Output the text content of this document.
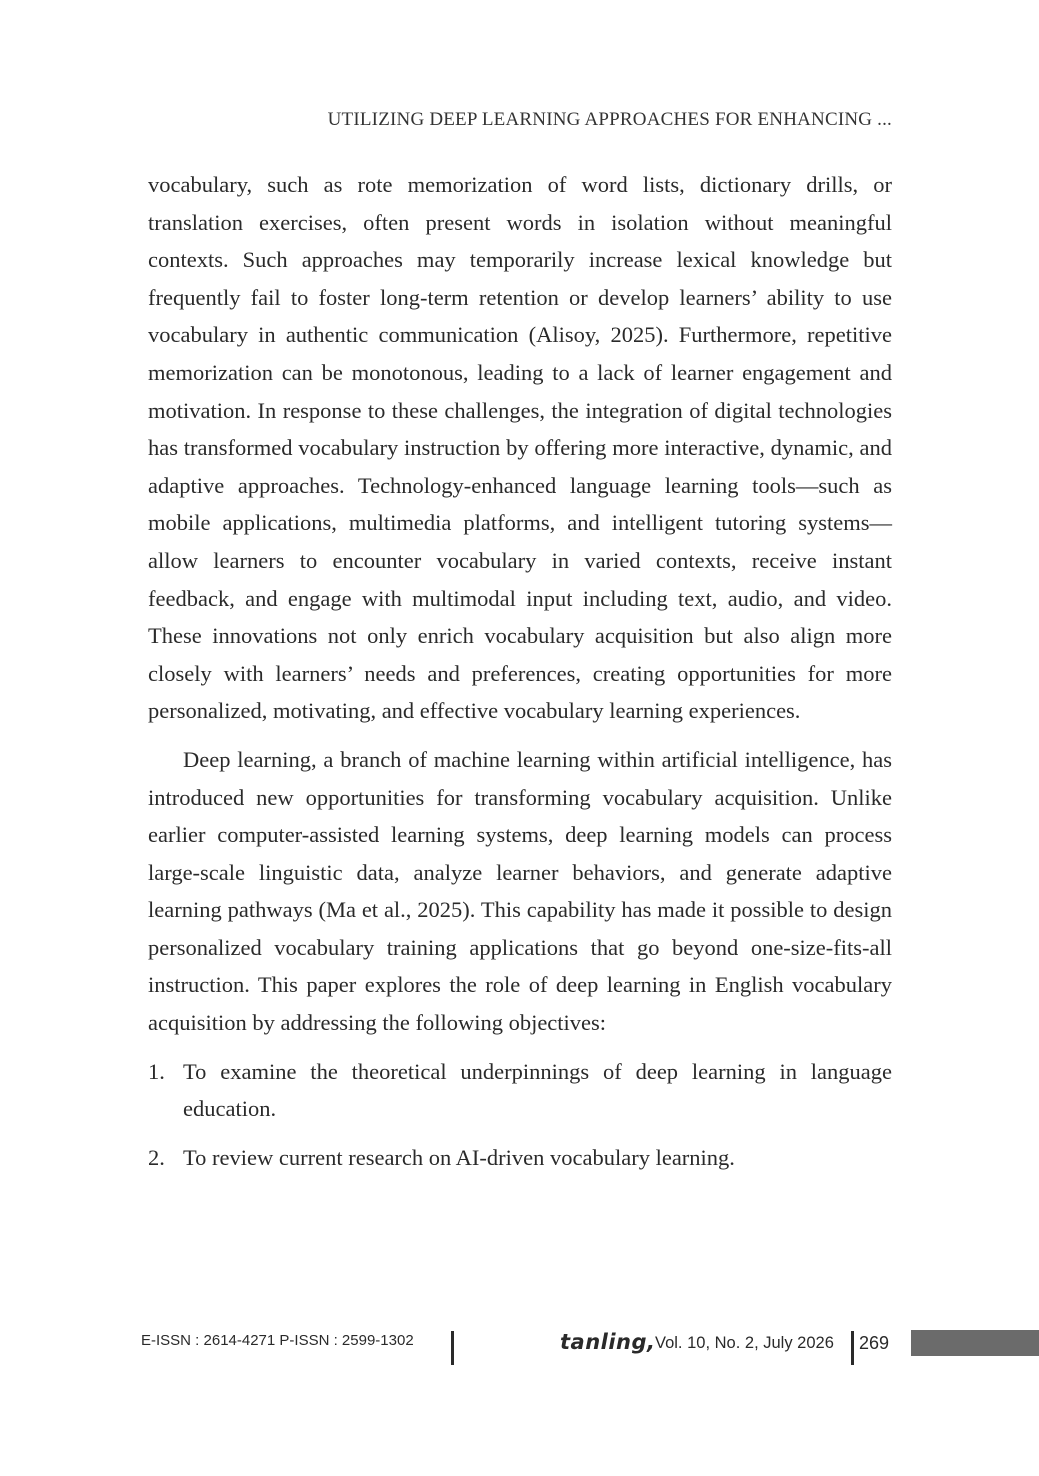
UTILIZING DEEP LEARNING APPROACHES FOR ENHANCING ...

vocabulary, such as rote memorization of word lists, dictionary drills, or translation exercises, often present words in isolation without meaningful contexts. Such approaches may temporarily increase lexical knowledge but frequently fail to foster long-term retention or develop learners’ ability to use vocabulary in authentic communication (Alisoy, 2025). Furthermore, repetitive memorization can be monotonous, leading to a lack of learner engagement and motivation. In response to these challenges, the integration of digital technologies has transformed vocabulary instruction by offering more interactive, dynamic, and adaptive approaches. Technology-enhanced language learning tools—such as mobile applications, multimedia platforms, and intelligent tutoring systems—allow learners to encounter vocabulary in varied contexts, receive instant feedback, and engage with multimodal input including text, audio, and video. These innovations not only enrich vocabulary acquisition but also align more closely with learners’ needs and preferences, creating opportunities for more personalized, motivating, and effective vocabulary learning experiences.

Deep learning, a branch of machine learning within artificial intelligence, has introduced new opportunities for transforming vocabulary acquisition. Unlike earlier computer-assisted learning systems, deep learning models can process large-scale linguistic data, analyze learner behaviors, and generate adaptive learning pathways (Ma et al., 2025). This capability has made it possible to design personalized vocabulary training applications that go beyond one-size-fits-all instruction. This paper explores the role of deep learning in English vocabulary acquisition by addressing the following objectives:

1. To examine the theoretical underpinnings of deep learning in language education.
2. To review current research on AI-driven vocabulary learning.
E-ISSN : 2614-4271 P-ISSN : 2599-1302	tanling, Vol. 10, No. 2, July 2026 269
